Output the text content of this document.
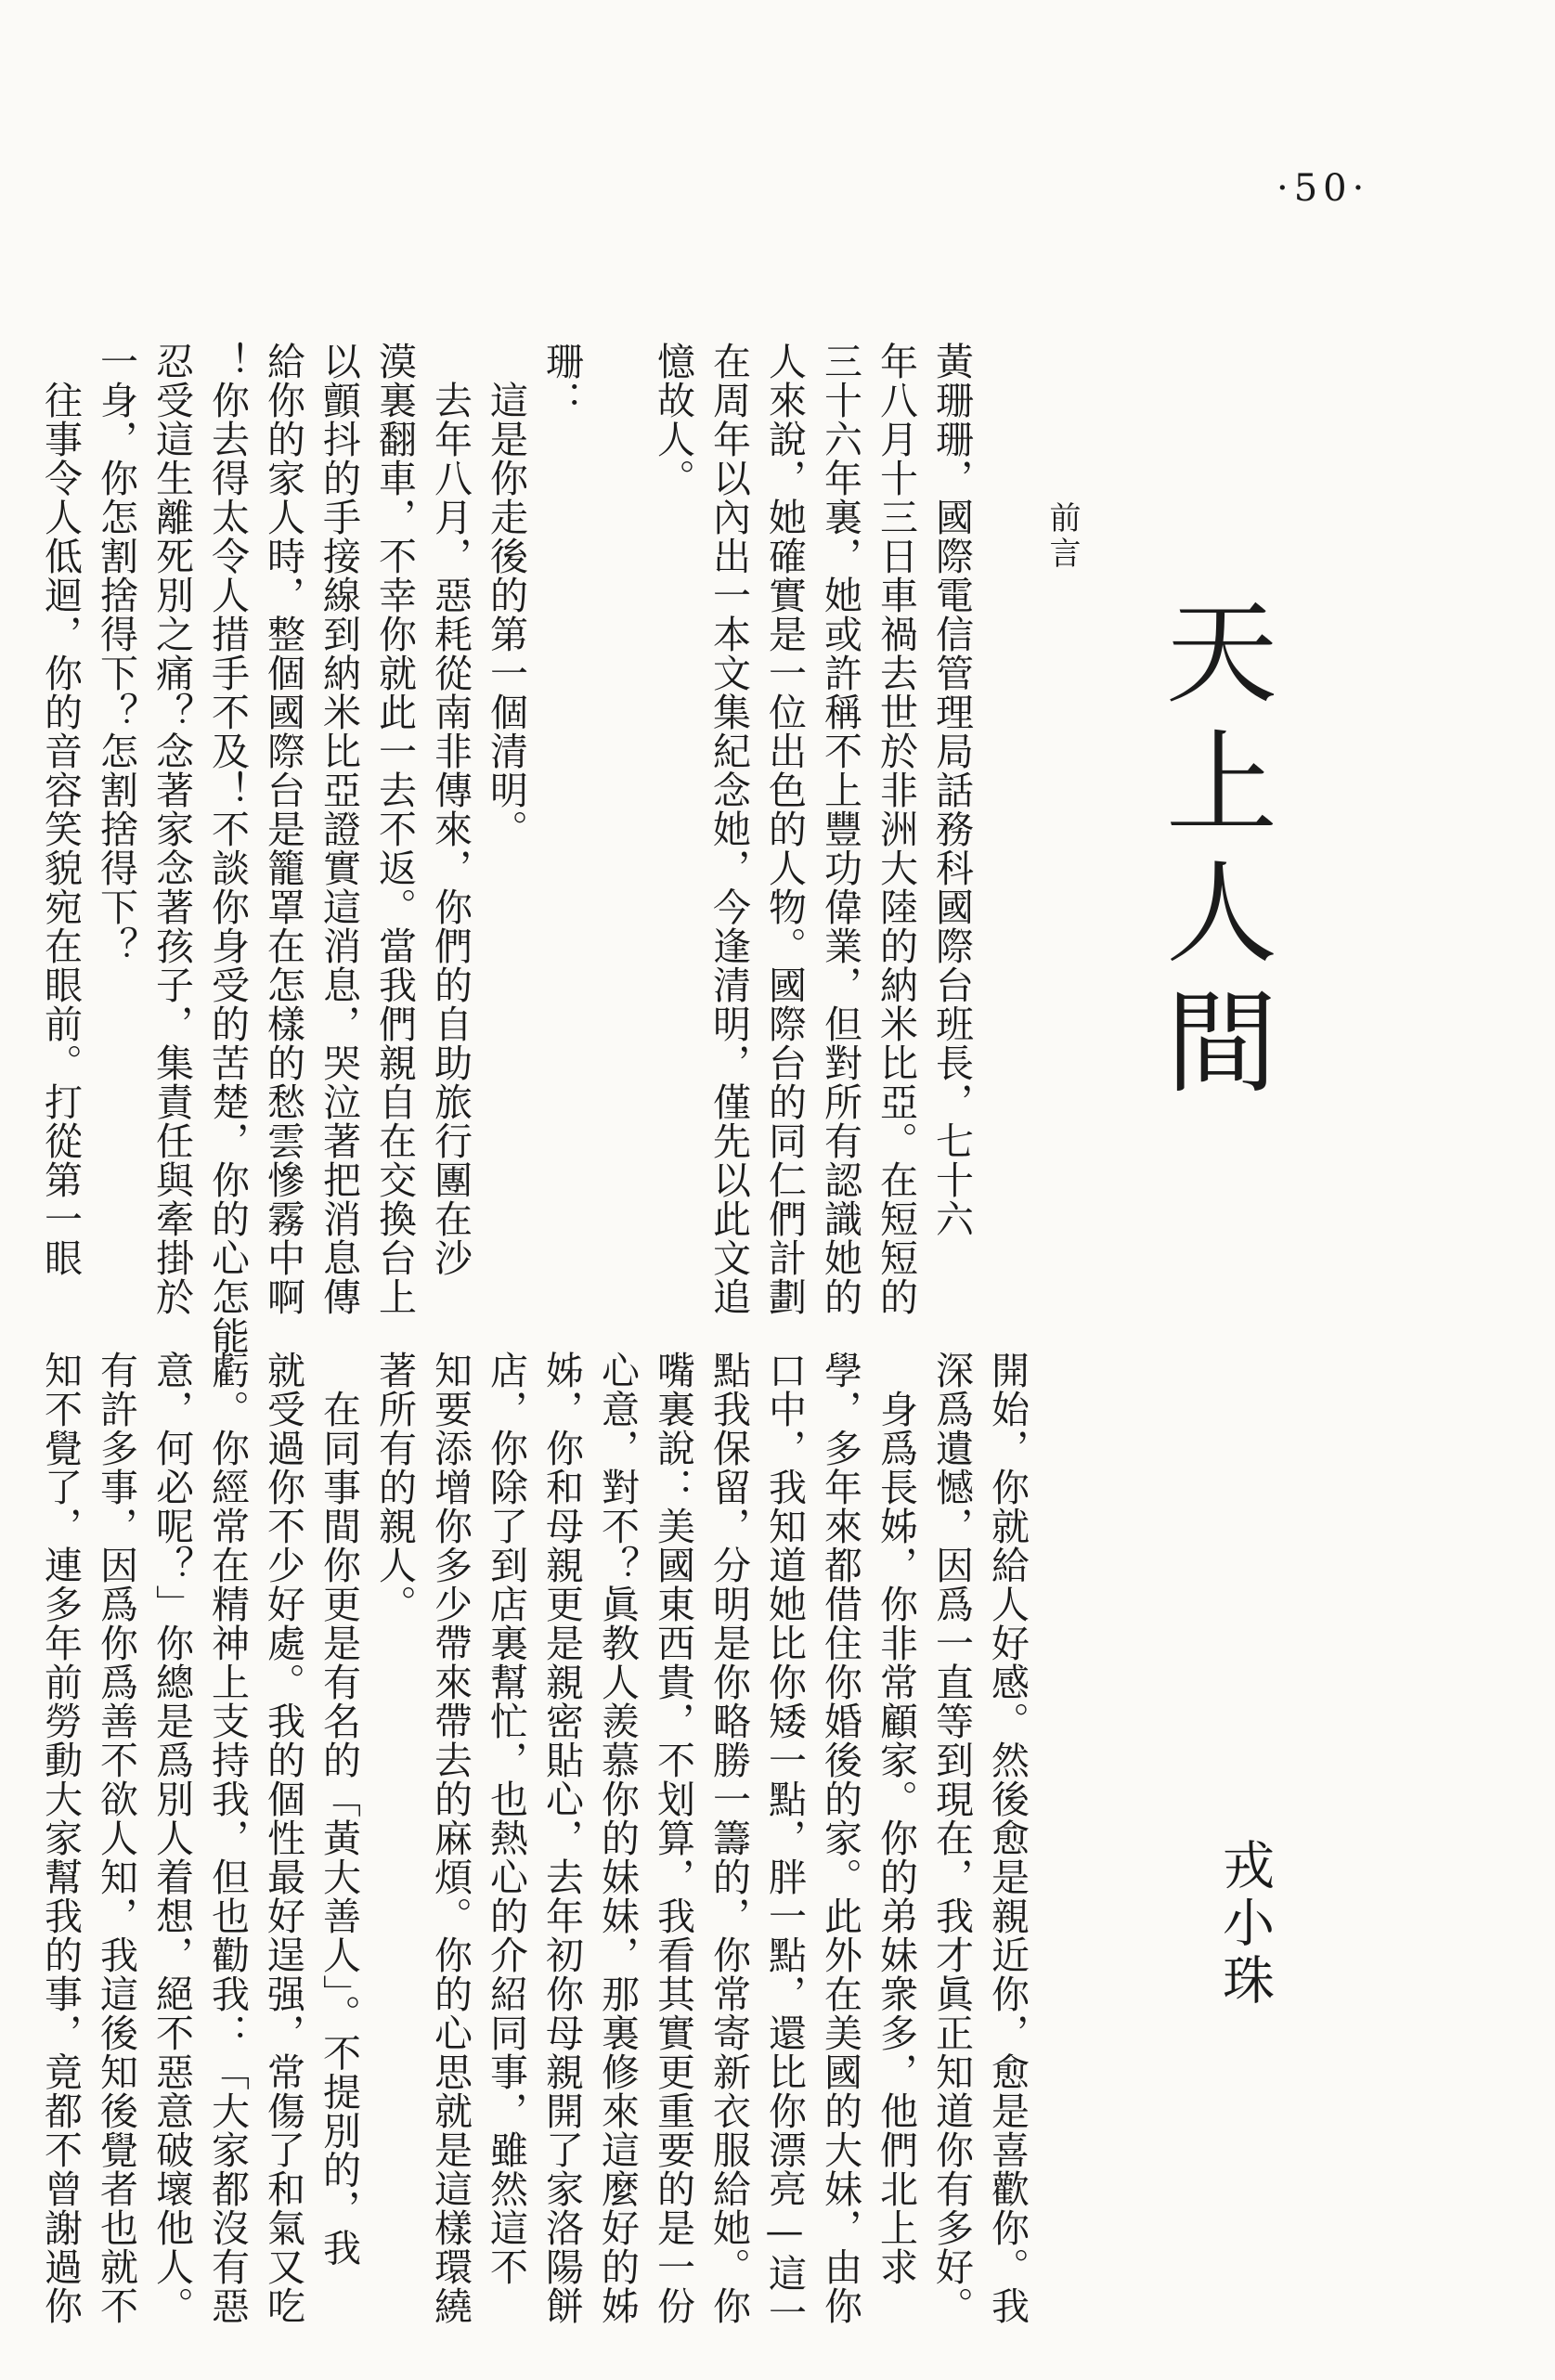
·50·
天上人間
戎小珠
前言
黃珊珊，國際電信管理局話務科國際台班長，七十六
年八月十三日車禍去世於非洲大陸的納米比亞。在短短的
三十六年裏，她或許稱不上豐功偉業，但對所有認識她的
人來說，她確實是一位出色的人物。國際台的同仁們計劃
在周年以內出一本文集紀念她，今逢清明，僅先以此文追
憶故人。
珊：
　這是你走後的第一個清明。
　去年八月，惡耗從南非傳來，你們的自助旅行團在沙
漠裏翻車，不幸你就此一去不返。當我們親自在交換台上
以顫抖的手接線到納米比亞證實這消息，哭泣著把消息傳
給你的家人時，整個國際台是籠罩在怎樣的愁雲慘霧中啊
！你去得太令人措手不及！不談你身受的苦楚，你的心怎能
忍受這生離死別之痛？念著家念著孩子，集責任與牽掛於
一身，你怎割捨得下？怎割捨得下？
　往事令人低迴，你的音容笑貌宛在眼前。打從第一眼
開始，你就給人好感。然後愈是親近你，愈是喜歡你。我
深爲遺憾，因爲一直等到現在，我才眞正知道你有多好。
　身爲長姊，你非常顧家。你的弟妹衆多，他們北上求
學，多年來都借住你婚後的家。此外在美國的大妹，由你
口中，我知道她比你矮一點，胖一點，還比你漂亮—這一
點我保留，分明是你略勝一籌的，你常寄新衣服給她。你
嘴裏說：美國東西貴，不划算，我看其實更重要的是一份
心意，對不？眞教人羨慕你的妹妹，那裏修來這麼好的姊
姊，你和母親更是親密貼心，去年初你母親開了家洛陽餅
店，你除了到店裏幫忙，也熱心的介紹同事，雖然這不
知要添增你多少帶來帶去的麻煩。你的心思就是這樣環繞
著所有的親人。
　在同事間你更是有名的「黃大善人」。不提別的，我
就受過你不少好處。我的個性最好逞强，常傷了和氣又吃
虧。你經常在精神上支持我，但也勸我：「大家都沒有惡
意，何必呢？」你總是爲別人着想，絕不惡意破壞他人。
有許多事，因爲你爲善不欲人知，我這後知後覺者也就不
知不覺了，連多年前勞動大家幫我的事，竟都不曾謝過你
